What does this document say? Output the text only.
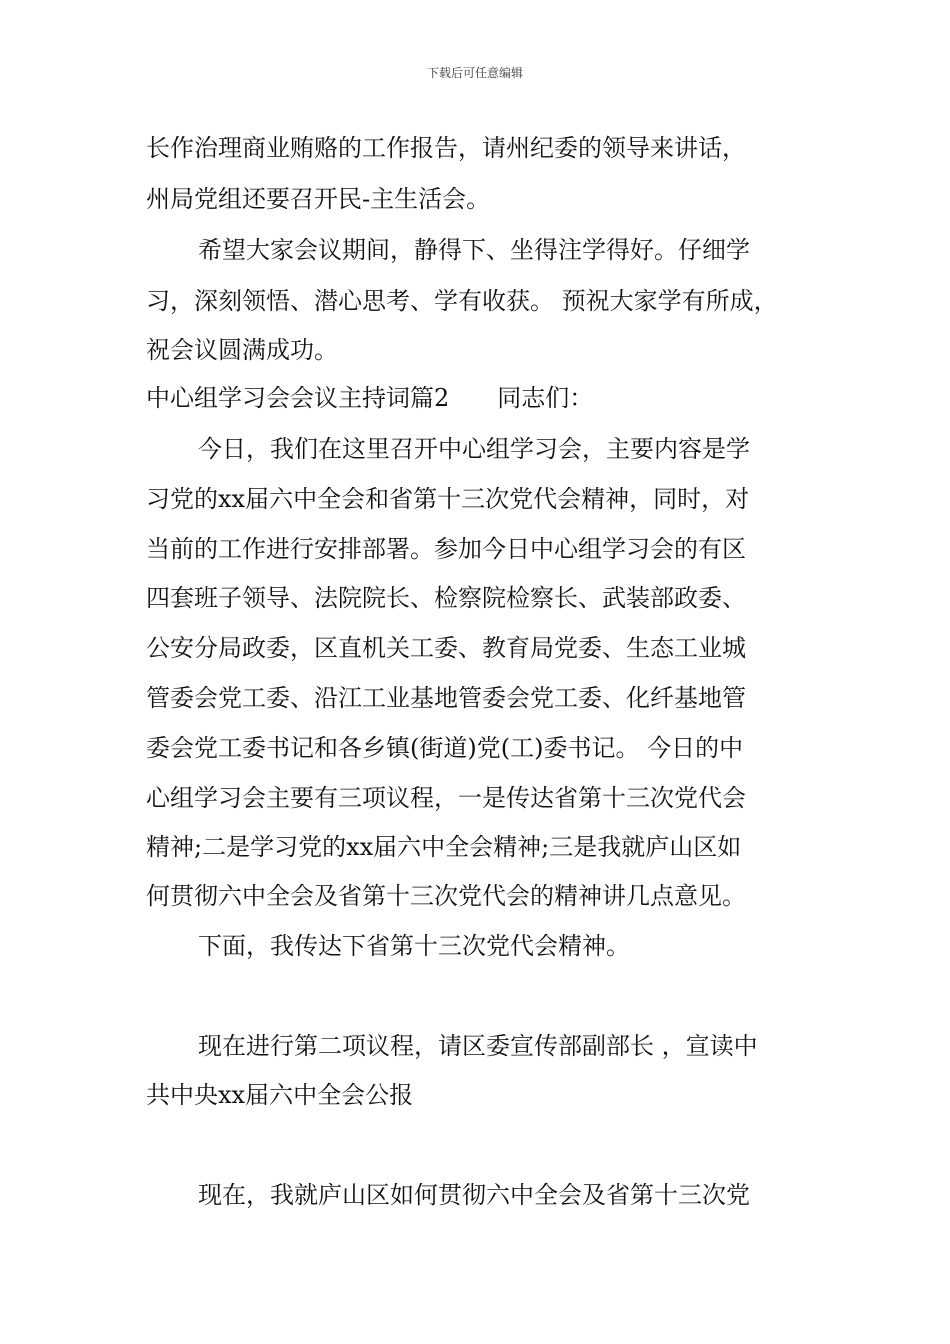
下载后可任意编辑
长作治理商业贿赂的工作报告，请州纪委的领导来讲话，
州局党组还要召开民-主生活会。
希望大家会议期间，静得下、坐得注学得好。仔细学
习，深刻领悟、潜心思考、学有收获。 预祝大家学有所成，
祝会议圆满成功。
中心组学习会会议主持词篇2　　同志们：
今日，我们在这里召开中心组学习会，主要内容是学
习党的xx届六中全会和省第十三次党代会精神，同时，对
当前的工作进行安排部署。参加今日中心组学习会的有区
四套班子领导、法院院长、检察院检察长、武装部政委、
公安分局政委，区直机关工委、教育局党委、生态工业城
管委会党工委、沿江工业基地管委会党工委、化纤基地管
委会党工委书记和各乡镇(街道)党(工)委书记。 今日的中
心组学习会主要有三项议程，一是传达省第十三次党代会
精神;二是学习党的xx届六中全会精神;三是我就庐山区如
何贯彻六中全会及省第十三次党代会的精神讲几点意见。
下面，我传达下省第十三次党代会精神。
现在进行第二项议程，请区委宣传部副部长 ，宣读中
共中央xx届六中全会公报
现在，我就庐山区如何贯彻六中全会及省第十三次党
